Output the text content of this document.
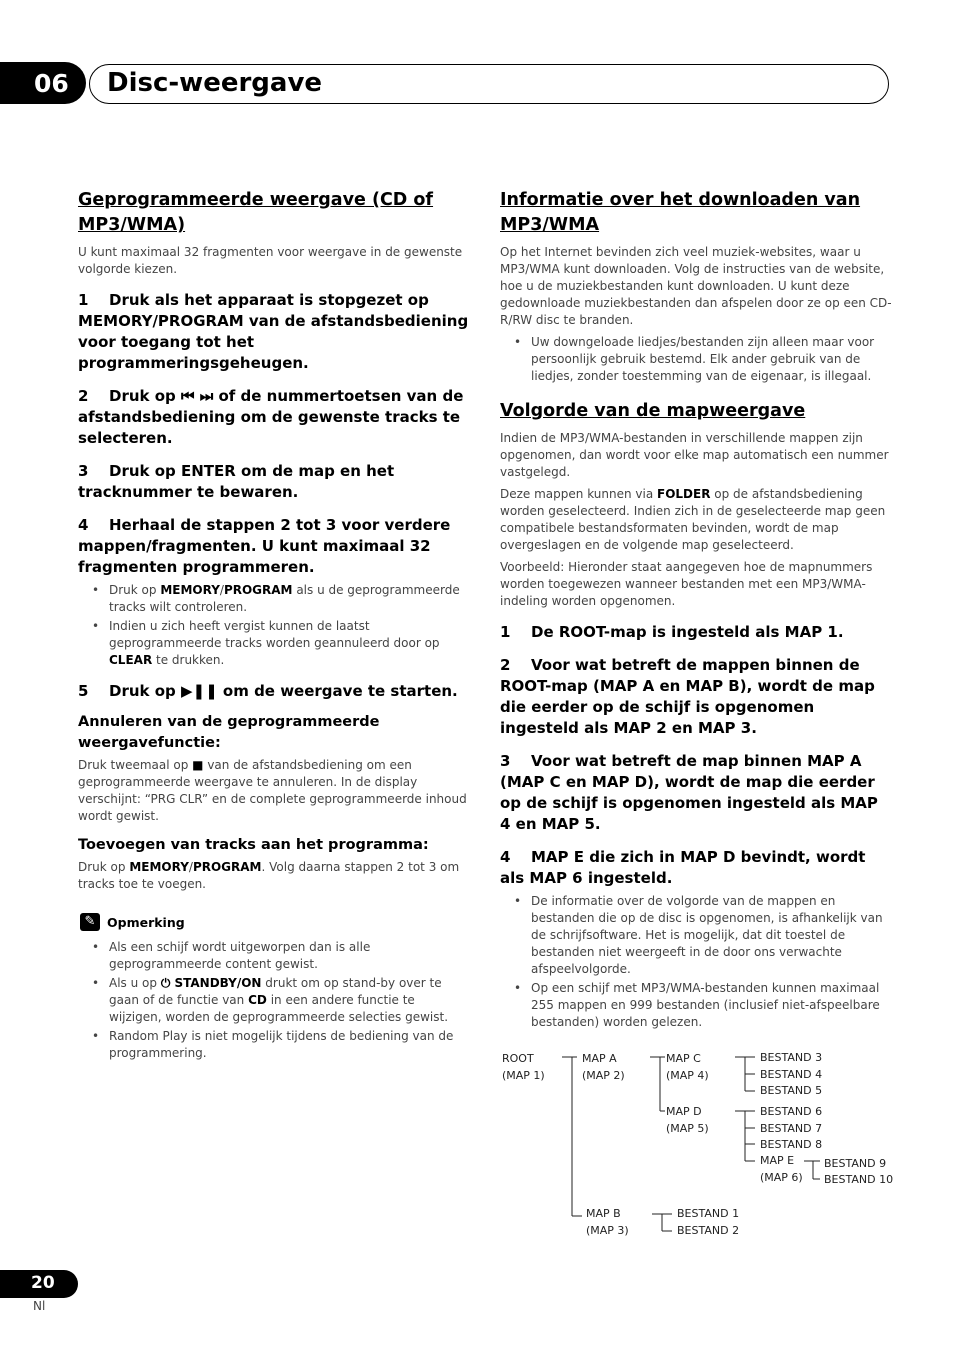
06 Disc-weergave
Geprogrammeerde weergave (CD of MP3/WMA)

U kunt maximaal 32 fragmenten voor weergave in de gewenste volgorde kiezen.

1 Druk als het apparaat is stopgezet op MEMORY/PROGRAM van de afstandsbediening voor toegang tot het programmeringsgeheugen.
2 Druk op ⏮ ⏭ of de nummertoetsen van de afstandsbediening om de gewenste tracks te selecteren.
3 Druk op ENTER om de map en het tracknummer te bewaren.
4 Herhaal de stappen 2 tot 3 voor verdere mappen/fragmenten. U kunt maximaal 32 fragmenten programmeren.
• Druk op MEMORY/PROGRAM als u de geprogrammeerde tracks wilt controleren.
• Indien u zich heeft vergist kunnen de laatst geprogrammeerde tracks worden geannuleerd door op CLEAR te drukken.
5 Druk op ▶❚❚ om de weergave te starten.
Annuleren van de geprogrammeerde weergavefunctie:

Druk tweemaal op ■ van de afstandsbediening om een geprogrammeerde weergave te annuleren. In de display verschijnt: “PRG CLR” en de complete geprogrammeerde inhoud wordt gewist.

Toevoegen van tracks aan het programma:

Druk op MEMORY/PROGRAM. Volg daarna stappen 2 tot 3 om tracks toe te voegen.

✎ Opmerking
• Als een schijf wordt uitgeworpen dan is alle geprogrammeerde content gewist.
• Als u op ⏻ STANDBY/ON drukt om op stand-by over te gaan of de functie van CD in een andere functie te wijzigen, worden de geprogrammeerde selecties gewist.
• Random Play is niet mogelijk tijdens de bediening van de programmering.
Informatie over het downloaden van MP3/WMA

Op het Internet bevinden zich veel muziek-websites, waar u MP3/WMA kunt downloaden. Volg de instructies van de website, hoe u de muziekbestanden kunt downloaden. U kunt deze gedownloade muziekbestanden dan afspelen door ze op een CD-R/RW disc te branden.

• Uw downgeloade liedjes/bestanden zijn alleen maar voor persoonlijk gebruik bestemd. Elk ander gebruik van de liedjes, zonder toestemming van de eigenaar, is illegaal.
Volgorde van de mapweergave

Indien de MP3/WMA-bestanden in verschillende mappen zijn opgenomen, dan wordt voor elke map automatisch een nummer vastgelegd.

Deze mappen kunnen via FOLDER op de afstandsbediening worden geselecteerd. Indien zich in de geselecteerde map geen compatibele bestandsformaten bevinden, wordt de map overgeslagen en de volgende map geselecteerd.

Voorbeeld: Hieronder staat aangegeven hoe de mapnummers worden toegewezen wanneer bestanden met een MP3/WMA-indeling worden opgenomen.

1 De ROOT-map is ingesteld als MAP 1.
2 Voor wat betreft de mappen binnen de ROOT-map (MAP A en MAP B), wordt de map die eerder op de schijf is opgenomen ingesteld als MAP 2 en MAP 3.
3 Voor wat betreft de map binnen MAP A (MAP C en MAP D), wordt de map die eerder op de schijf is opgenomen ingesteld als MAP 4 en MAP 5.
4 MAP E die zich in MAP D bevindt, wordt als MAP 6 ingesteld.
• De informatie over de volgorde van de mappen en bestanden die op de disc is opgenomen, is afhankelijk van de schrijfsoftware. Het is mogelijk, dat dit toestel de bestanden niet weergeeft in de door ons verwachte afspeelvolgorde.
• Op een schijf met MP3/WMA-bestanden kunnen maximaal 255 mappen en 999 bestanden (inclusief niet-afspeelbare bestanden) worden gelezen.
ROOT
(MAP 1)
MAP A
(MAP 2)
MAP B
(MAP 3)
MAP C
(MAP 4)
MAP D
(MAP 5)
MAP E
(MAP 6)
BESTAND 3
BESTAND 4
BESTAND 5
BESTAND 6
BESTAND 7
BESTAND 8
BESTAND 9
BESTAND 10
BESTAND 1
BESTAND 2
20
Nl
